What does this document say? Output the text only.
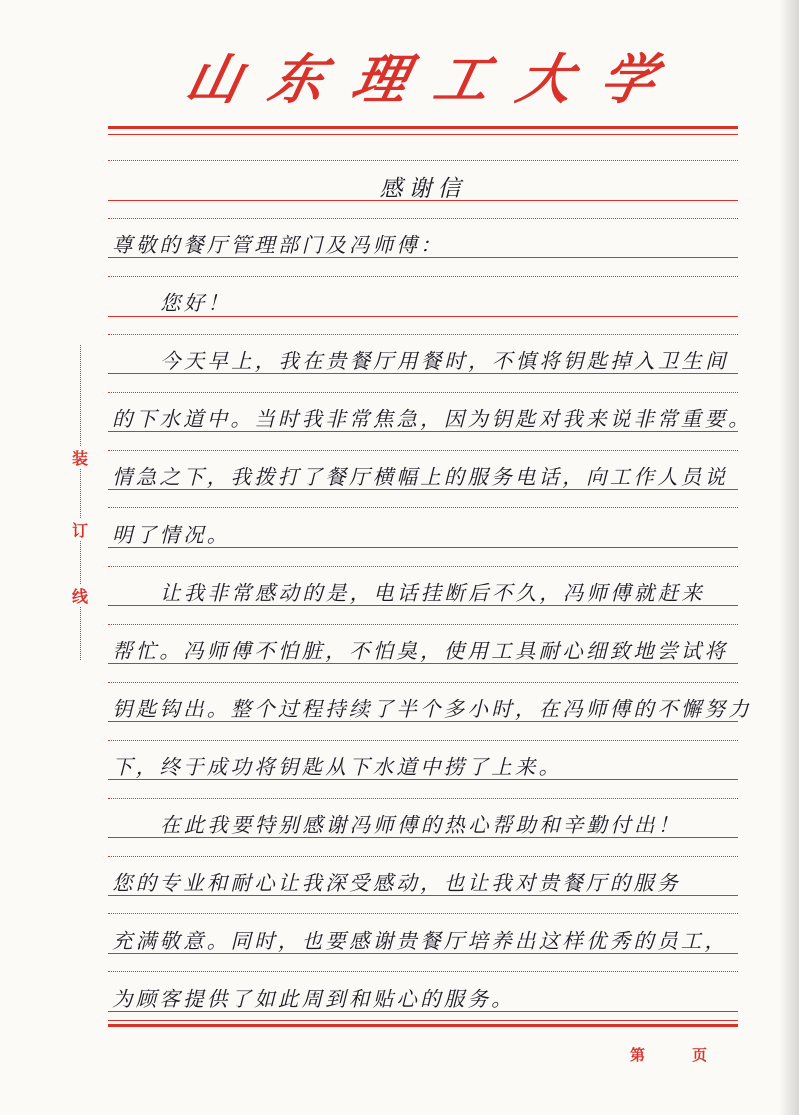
山 东 理 工 大 学
装
订
线
感谢信
尊敬的餐厅管理部门及冯师傅：
您好！
今天早上，我在贵餐厅用餐时，不慎将钥匙掉入卫生间
的下水道中。当时我非常焦急，因为钥匙对我来说非常重要。
情急之下，我拨打了餐厅横幅上的服务电话，向工作人员说
明了情况。
让我非常感动的是，电话挂断后不久，冯师傅就赶来
帮忙。冯师傅不怕脏，不怕臭，使用工具耐心细致地尝试将
钥匙钩出。整个过程持续了半个多小时，在冯师傅的不懈努力
下，终于成功将钥匙从下水道中捞了上来。
在此我要特别感谢冯师傅的热心帮助和辛勤付出！
您的专业和耐心让我深受感动，也让我对贵餐厅的服务
充满敬意。同时，也要感谢贵餐厅培养出这样优秀的员工，
为顾客提供了如此周到和贴心的服务。
第	页
